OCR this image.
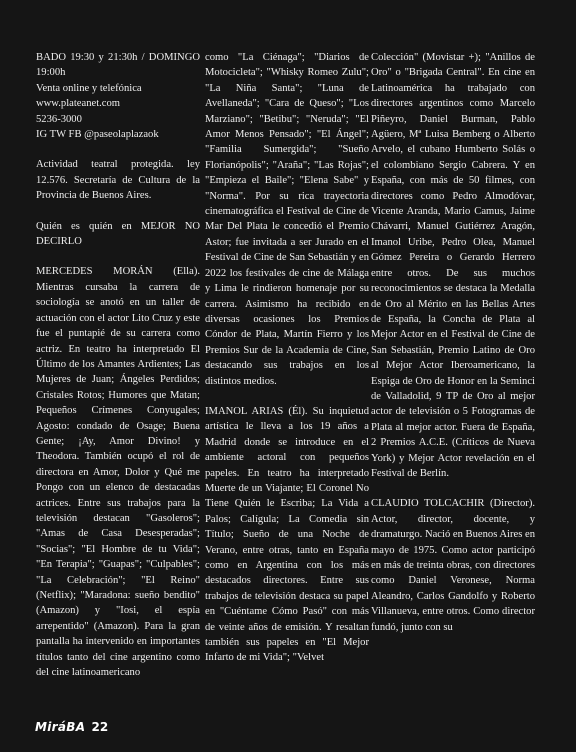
BADO 19:30 y 21:30h / DOMINGO 19:00h

Venta online y telefónica

www.plateanet.com

5236-3000

IG TW FB @paseolaplazaok

Actividad teatral protegida. ley 12.576. Secretaría de Cultura de la Provincia de Buenos Aires.

Quién es quién en MEJOR NO DECIRLO

MERCEDES MORÁN (Ella). Mientras cursaba la carrera de sociología se anotó en un taller de actuación con el actor Lito Cruz y este fue el puntapié de su carrera como actriz. En teatro ha interpretado El Último de los Amantes Ardientes; Las Mujeres de Juan; Ángeles Perdidos; Cristales Rotos; Humores que Matan; Pequeños Crímenes Conyugales; Agosto: condado de Osage; Buena Gente; ¡Ay, Amor Divino! y Theodora. También ocupó el rol de directora en Amor, Dolor y Qué me Pongo con un elenco de destacadas actrices. Entre sus trabajos para la televisión destacan "Gasoleros"; "Amas de Casa Desesperadas"; "Socias"; "El Hombre de tu Vida"; "En Terapia"; "Guapas"; "Culpables"; "La Celebración"; "El Reino" (Netflix); "Maradona: sueño bendito" (Amazon) y "Iosi, el espía arrepentido" (Amazon). Para la gran pantalla ha intervenido en importantes títulos tanto del cine argentino como del cine latinoamericano

como "La Ciénaga"; "Diarios de Motocicleta"; "Whisky Romeo Zulu"; "La Niña Santa"; "Luna de Avellaneda"; "Cara de Queso"; "Los Marziano"; "Betibu"; "Neruda"; "El Amor Menos Pensado"; "El Ángel"; "Familia Sumergida"; "Sueño Florianópolis"; "Araña"; "Las Rojas"; "Empieza el Baile"; "Elena Sabe" y "Norma". Por su rica trayectoria cinematográfica el Festival de Cine de Mar Del Plata le concedió el Premio Astor; fue invitada a ser Jurado en el Festival de Cine de San Sebastián y en 2022 los festivales de cine de Málaga y Lima le rindieron homenaje por su carrera. Asimismo ha recibido en diversas ocasiones los Premios Cóndor de Plata, Martín Fierro y los Premios Sur de la Academia de Cine, destacando sus trabajos en los distintos medios.

IMANOL ARIAS (Él). Su inquietud artística le lleva a los 19 años a Madrid donde se introduce en el ambiente actoral con pequeños papeles. En teatro ha interpretado Muerte de un Viajante; El Coronel No Tiene Quién le Escriba; La Vida a Palos; Calígula; La Comedia sin Título; Sueño de una Noche de Verano, entre otras, tanto en España como en Argentina con los más destacados directores. Entre sus trabajos de televisión destaca su papel en "Cuéntame Cómo Pasó" con más de veinte años de emisión. Y resaltan también sus papeles en "El Mejor Infarto de mi Vida"; "Velvet

Colección" (Movistar +); "Anillos de Oro" o "Brigada Central". En cine en Latinoamérica ha trabajado con directores argentinos como Marcelo Piñeyro, Daniel Burman, Pablo Agüero, Mª Luisa Bemberg o Alberto Arvelo, el cubano Humberto Solás o el colombiano Sergio Cabrera. Y en España, con más de 50 filmes, con directores como Pedro Almodóvar, Vicente Aranda, Mario Camus, Jaime Chávarri, Manuel Gutiérrez Aragón, Imanol Uribe, Pedro Olea, Manuel Gómez Pereira o Gerardo Herrero entre otros. De sus muchos reconocimientos se destaca la Medalla de Oro al Mérito en las Bellas Artes de España, la Concha de Plata al Mejor Actor en el Festival de Cine de San Sebastián, Premio Latino de Oro al Mejor Actor Iberoamericano, la Espiga de Oro de Honor en la Seminci de Valladolid, 9 TP de Oro al mejor actor de televisión o 5 Fotogramas de Plata al mejor actor. Fuera de España, 2 Premios A.C.E. (Críticos de Nueva York) y Mejor Actor revelación en el Festival de Berlín.

CLAUDIO TOLCACHIR (Director). Actor, director, docente, y dramaturgo. Nació en Buenos Aires en mayo de 1975. Como actor participó en más de treinta obras, con directores como Daniel Veronese, Norma Aleandro, Carlos Gandolfo y Roberto Villanueva, entre otros. Como director fundó, junto con su

MiráBA 22
